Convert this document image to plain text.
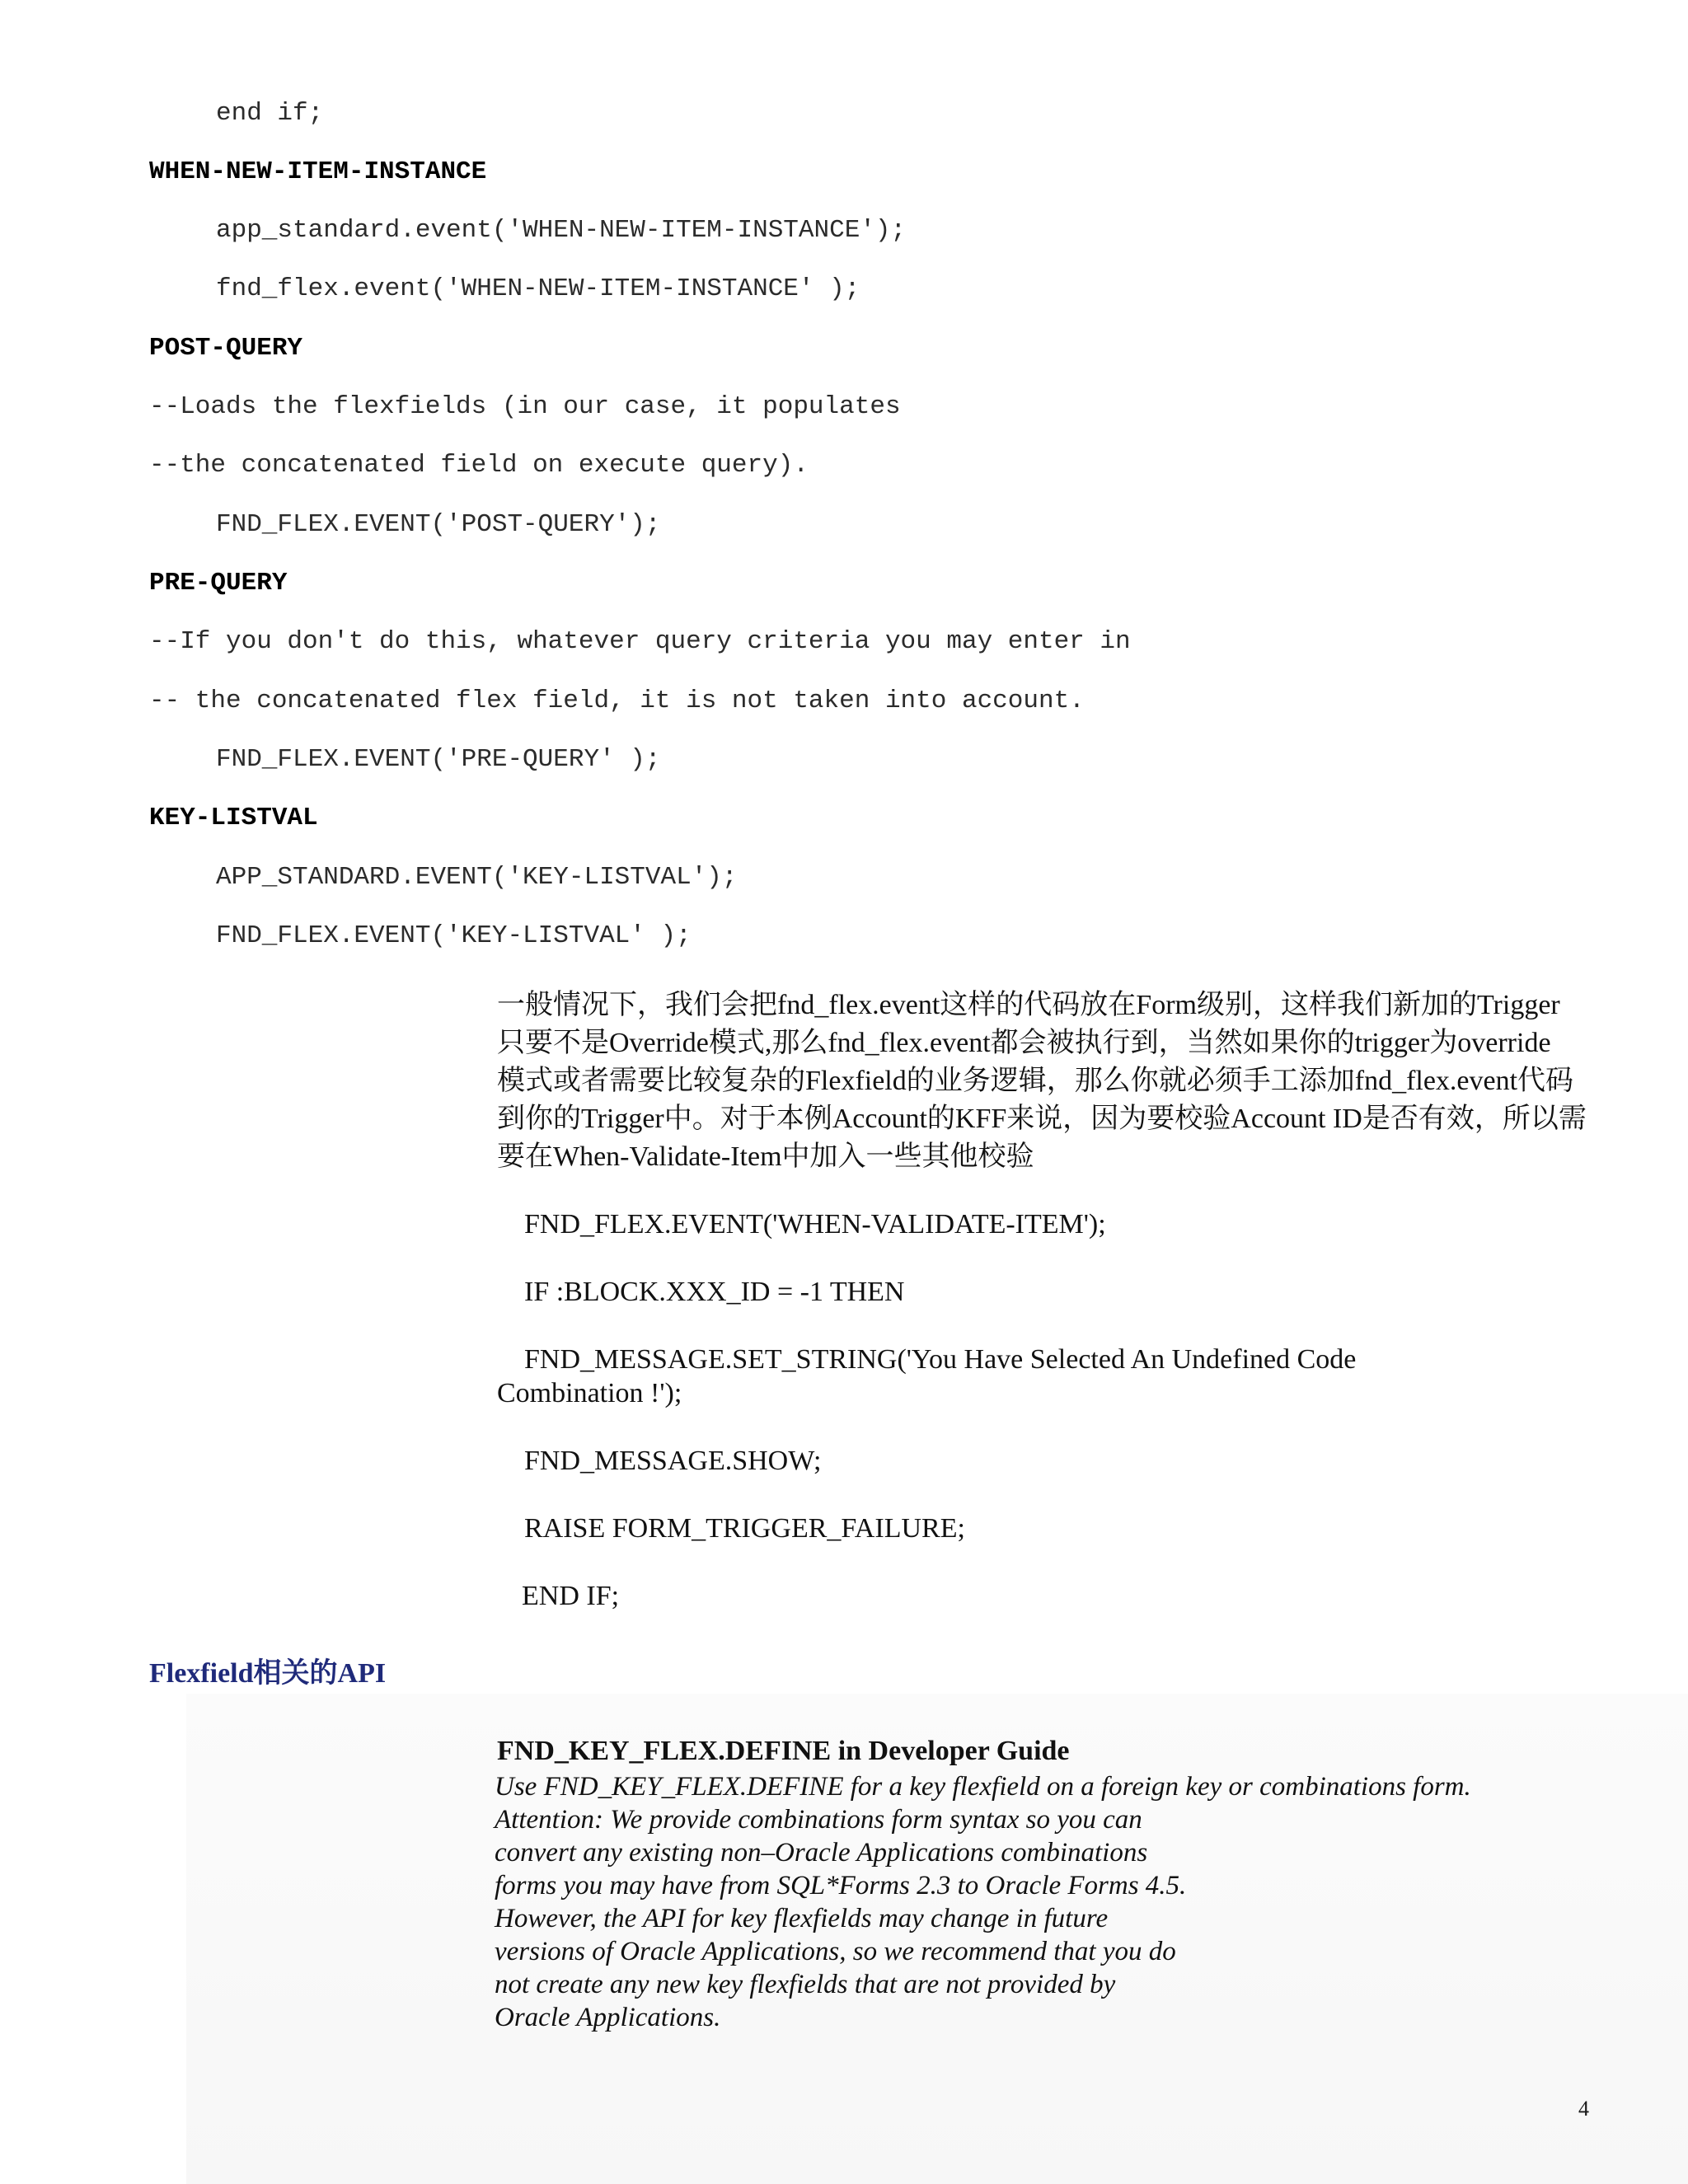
end if;
WHEN-NEW-ITEM-INSTANCE
app_standard.event('WHEN-NEW-ITEM-INSTANCE');
fnd_flex.event('WHEN-NEW-ITEM-INSTANCE' );
POST-QUERY
--Loads the flexfields (in our case, it populates
--the concatenated field on execute query).
FND_FLEX.EVENT('POST-QUERY');
PRE-QUERY
--If you don't do this, whatever query criteria you may enter in
-- the concatenated flex field, it is not taken into account.
FND_FLEX.EVENT('PRE-QUERY' );
KEY-LISTVAL
APP_STANDARD.EVENT('KEY-LISTVAL');
FND_FLEX.EVENT('KEY-LISTVAL' );
一般情况下，我们会把fnd_flex.event这样的代码放在Form级别，这样我们新加的Trigger
只要不是Override模式,那么fnd_flex.event都会被执行到，当然如果你的trigger为override
模式或者需要比较复杂的Flexfield的业务逻辑，那么你就必须手工添加fnd_flex.event代码
到你的Trigger中。对于本例Account的KFF来说，因为要校验Account ID是否有效，所以需
要在When-Validate-Item中加入一些其他校验
FND_FLEX.EVENT('WHEN-VALIDATE-ITEM');
IF :BLOCK.XXX_ID = -1 THEN
FND_MESSAGE.SET_STRING('You Have Selected An Undefined Code
Combination !');
FND_MESSAGE.SHOW;
RAISE FORM_TRIGGER_FAILURE;
END IF;
Flexfield相关的API
FND_KEY_FLEX.DEFINE in Developer Guide
Use FND_KEY_FLEX.DEFINE for a key flexfield on a foreign key or combinations form.
Attention: We provide combinations form syntax so you can
convert any existing non–Oracle Applications combinations
forms you may have from SQL*Forms 2.3 to Oracle Forms 4.5.
However, the API for key flexfields may change in future
versions of Oracle Applications, so we recommend that you do
not create any new key flexfields that are not provided by
Oracle Applications.
4
